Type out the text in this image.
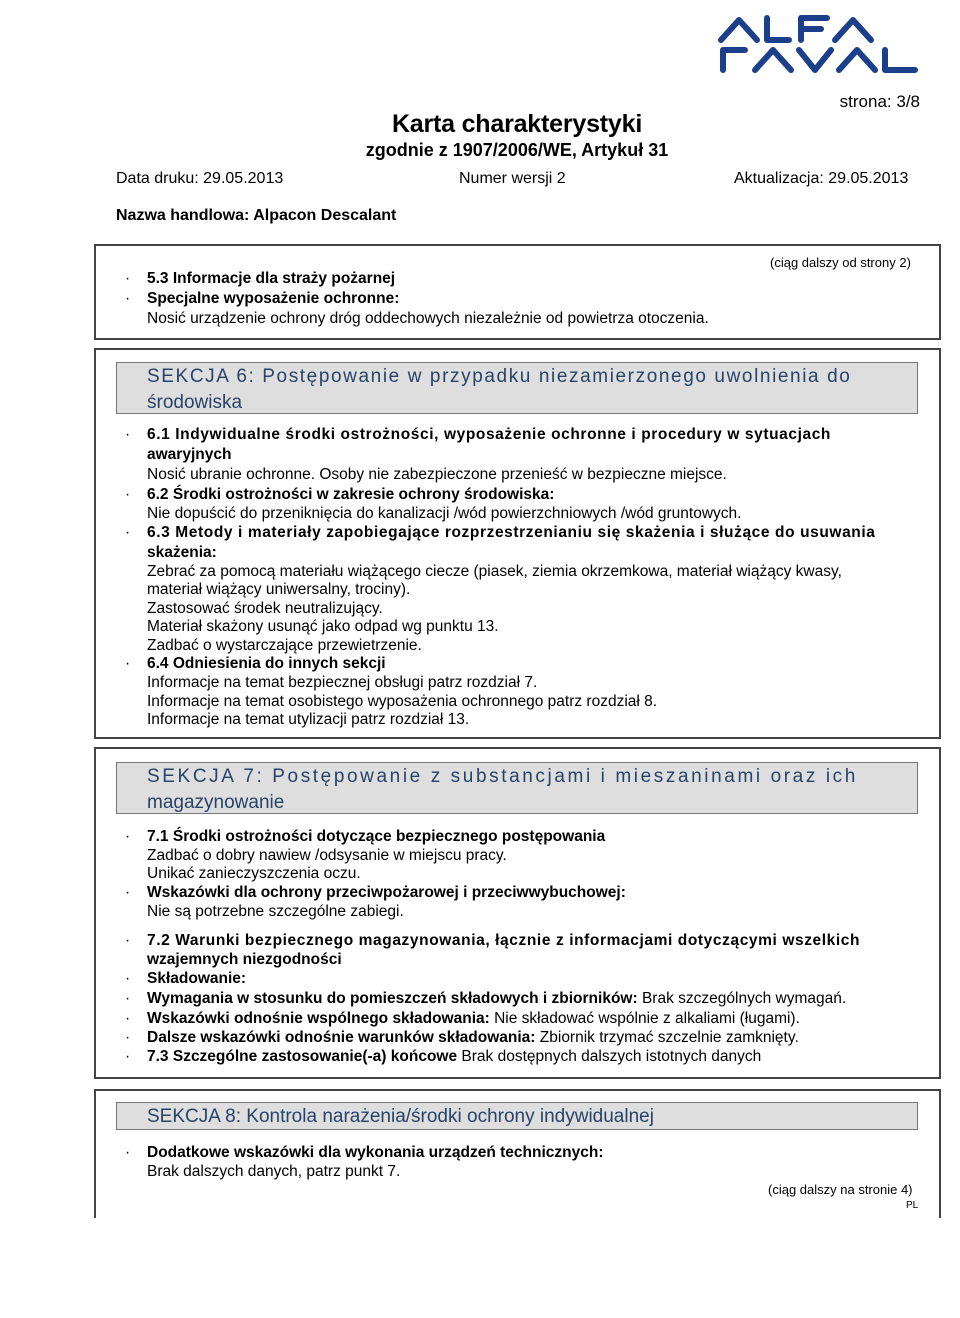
strona: 3/8
Karta charakterystyki
zgodnie z 1907/2006/WE, Artykuł 31
Data druku: 29.05.2013	Numer wersji 2	Aktualizacja: 29.05.2013
Nazwa handlowa: Alpacon Descalant
(ciąg dalszy od strony 2)
· 5.3 Informacje dla straży pożarnej
· Specjalne wyposażenie ochronne:
Nosić urządzenie ochrony dróg oddechowych niezależnie od powietrza otoczenia.
SEKCJA 6: Postępowanie w przypadku niezamierzonego uwolnienia do
środowiska
· 6.1 Indywidualne środki ostrożności, wyposażenie ochronne i procedury w sytuacjach
awaryjnych
Nosić ubranie ochronne. Osoby nie zabezpieczone przenieść w bezpieczne miejsce.
· 6.2 Środki ostrożności w zakresie ochrony środowiska:
Nie dopuścić do przeniknięcia do kanalizacji /wód powierzchniowych /wód gruntowych.
· 6.3 Metody i materiały zapobiegające rozprzestrzenianiu się skażenia i służące do usuwania
skażenia:
Zebrać za pomocą materiału wiążącego ciecze (piasek, ziemia okrzemkowa, materiał wiążący kwasy,
materiał wiążący uniwersalny, trociny).
Zastosować środek neutralizujący.
Materiał skażony usunąć jako odpad wg punktu 13.
Zadbać o wystarczające przewietrzenie.
· 6.4 Odniesienia do innych sekcji
Informacje na temat bezpiecznej obsługi patrz rozdział 7.
Informacje na temat osobistego wyposażenia ochronnego patrz rozdział 8.
Informacje na temat utylizacji patrz rozdział 13.
SEKCJA 7: Postępowanie z substancjami i mieszaninami oraz ich
magazynowanie
· 7.1 Środki ostrożności dotyczące bezpiecznego postępowania
Zadbać o dobry nawiew /odsysanie w miejscu pracy.
Unikać zanieczyszczenia oczu.
· Wskazówki dla ochrony przeciwpożarowej i przeciwwybuchowej:
Nie są potrzebne szczególne zabiegi.
· 7.2 Warunki bezpiecznego magazynowania, łącznie z informacjami dotyczącymi wszelkich
wzajemnych niezgodności
· Składowanie:
· Wymagania w stosunku do pomieszczeń składowych i zbiorników: Brak szczególnych wymagań.
· Wskazówki odnośnie wspólnego składowania: Nie składować wspólnie z alkaliami (ługami).
· Dalsze wskazówki odnośnie warunków składowania: Zbiornik trzymać szczelnie zamknięty.
· 7.3 Szczególne zastosowanie(-a) końcowe Brak dostępnych dalszych istotnych danych
SEKCJA 8: Kontrola narażenia/środki ochrony indywidualnej
· Dodatkowe wskazówki dla wykonania urządzeń technicznych:
Brak dalszych danych, patrz punkt 7.
(ciąg dalszy na stronie 4)
PL
